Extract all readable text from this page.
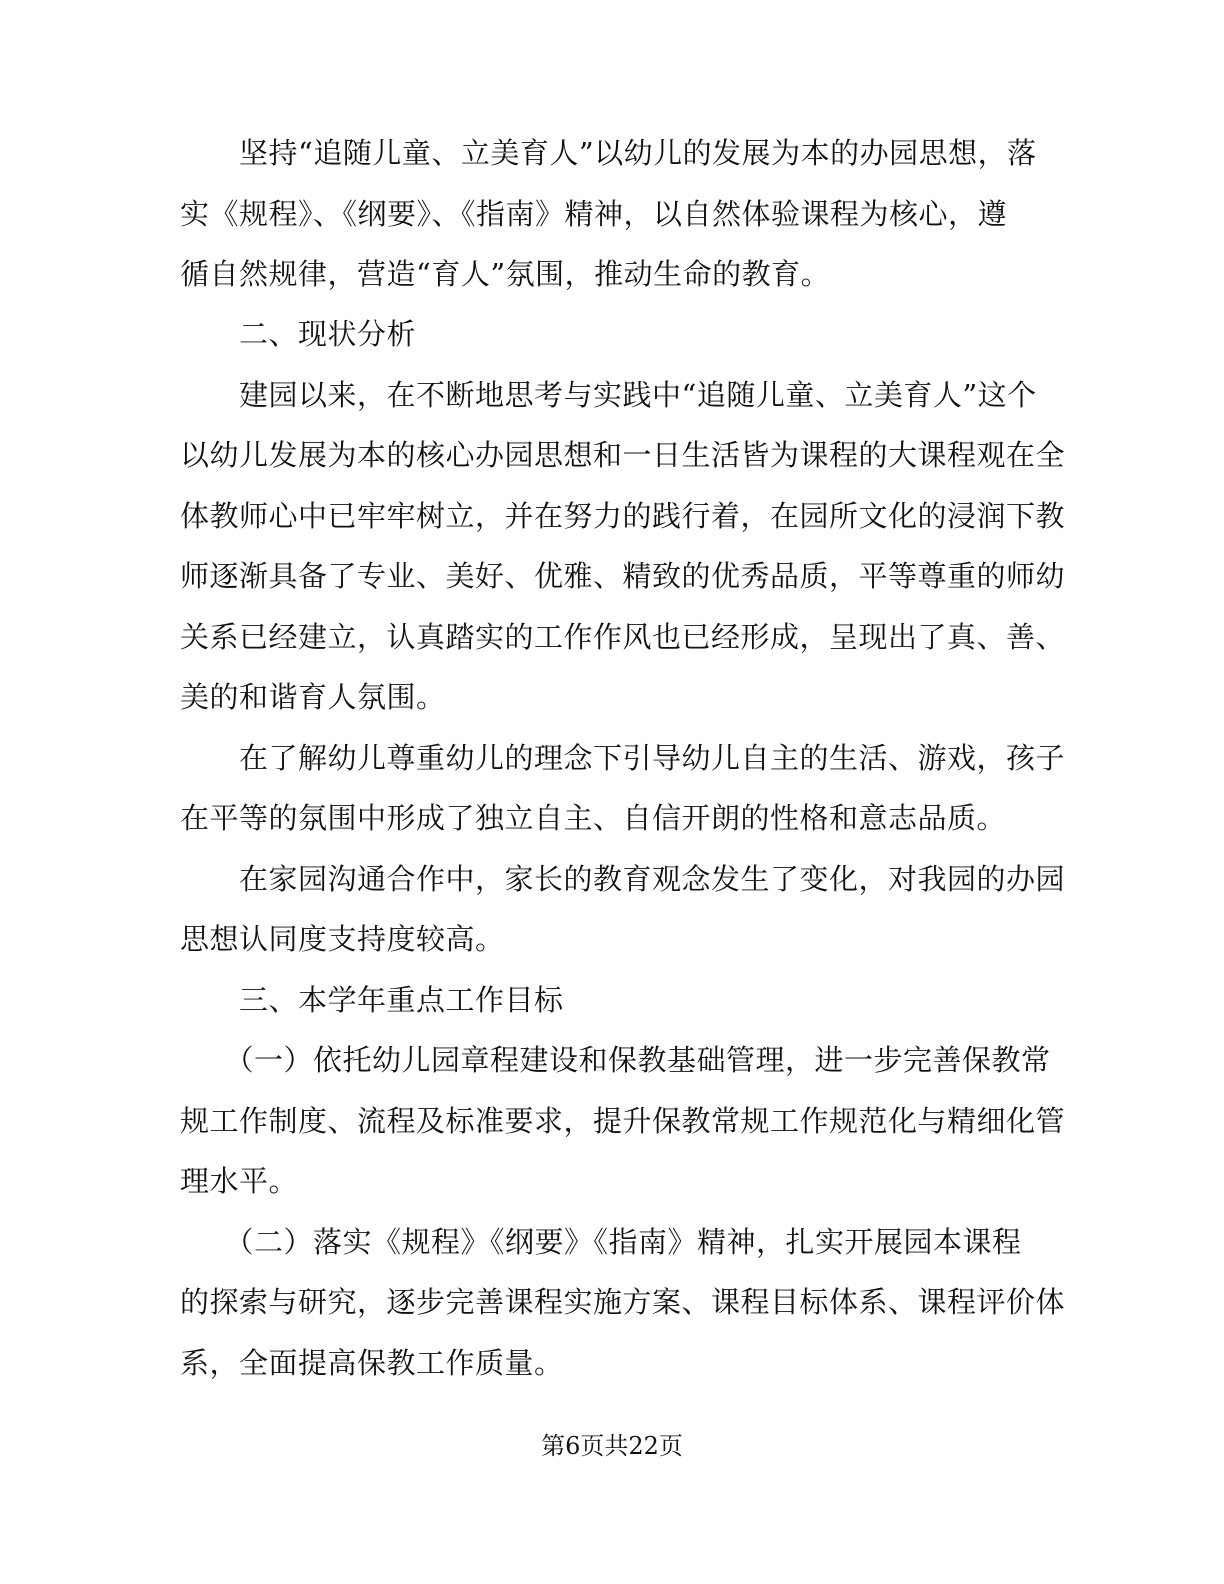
　　坚持“追随儿童、立美育人”以幼儿的发展为本的办园思想，落
实《规程》、《纲要》、《指南》精神，以自然体验课程为核心，遵
循自然规律，营造“育人”氛围，推动生命的教育。
　　二、现状分析
　　建园以来，在不断地思考与实践中“追随儿童、立美育人”这个
以幼儿发展为本的核心办园思想和一日生活皆为课程的大课程观在全
体教师心中已牢牢树立，并在努力的践行着，在园所文化的浸润下教
师逐渐具备了专业、美好、优雅、精致的优秀品质，平等尊重的师幼
关系已经建立，认真踏实的工作作风也已经形成，呈现出了真、善、
美的和谐育人氛围。
　　在了解幼儿尊重幼儿的理念下引导幼儿自主的生活、游戏，孩子
在平等的氛围中形成了独立自主、自信开朗的性格和意志品质。
　　在家园沟通合作中，家长的教育观念发生了变化，对我园的办园
思想认同度支持度较高。
　　三、本学年重点工作目标
　　（一）依托幼儿园章程建设和保教基础管理，进一步完善保教常
规工作制度、流程及标准要求，提升保教常规工作规范化与精细化管
理水平。
　　（二）落实《规程》《纲要》《指南》精神，扎实开展园本课程
的探索与研究，逐步完善课程实施方案、课程目标体系、课程评价体
系，全面提高保教工作质量。
第6页共22页
